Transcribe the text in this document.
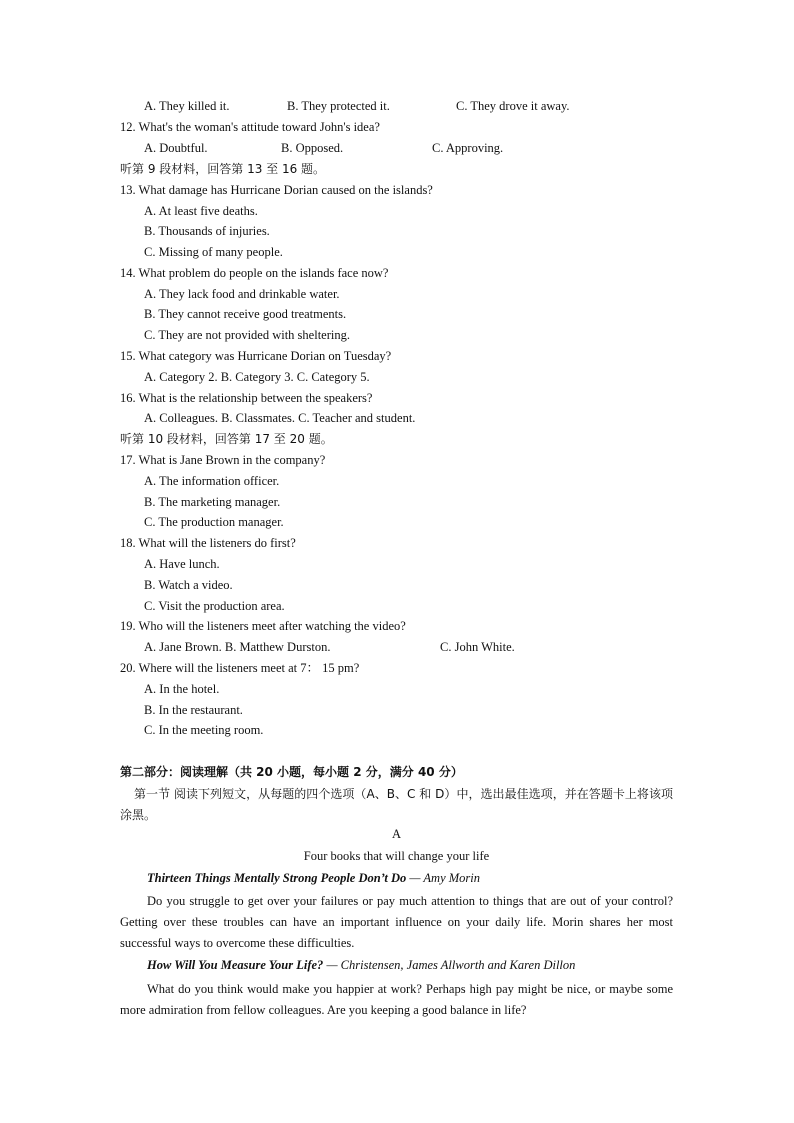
A. They killed it.	B. They protected it.	C. They drove it away.
12. What's the woman's attitude toward John's idea?
A. Doubtful.	B. Opposed.	C. Approving.
听第 9 段材料，回答第 13 至 16 题。
13. What damage has Hurricane Dorian caused on the islands?
A. At least five deaths.
B. Thousands of injuries.
C. Missing of many people.
14. What problem do people on the islands face now?
A. They lack food and drinkable water.
B. They cannot receive good treatments.
C. They are not provided with sheltering.
15. What category was Hurricane Dorian on Tuesday?
A. Category 2. B. Category 3. C. Category 5.
16. What is the relationship between the speakers?
A. Colleagues. B. Classmates. C. Teacher and student.
听第 10 段材料，回答第 17 至 20 题。
17. What is Jane Brown in the company?
A. The information officer.
B. The marketing manager.
C. The production manager.
18. What will the listeners do first?
A. Have lunch.
B. Watch a video.
C. Visit the production area.
19. Who will the listeners meet after watching the video?
A. Jane Brown. B. Matthew Durston.	C. John White.
20. Where will the listeners meet at 7： 15 pm?
A. In the hotel.
B. In the restaurant.
C. In the meeting room.
第二部分：阅读理解（共 20 小题，每小题 2 分，满分 40 分）
第一节 阅读下列短文，从每题的四个选项（A、B、C 和 D）中，选出最佳选项，并在答题卡上将该项涂黑。
A
Four books that will change your life
Thirteen Things Mentally Strong People Don’t Do — Amy Morin
Do you struggle to get over your failures or pay much attention to things that are out of your control? Getting over these troubles can have an important influence on your daily life. Morin shares her most successful ways to overcome these difficulties.
How Will You Measure Your Life? — Christensen, James Allworth and Karen Dillon
What do you think would make you happier at work? Perhaps high pay might be nice, or maybe some more admiration from fellow colleagues. Are you keeping a good balance in life?
